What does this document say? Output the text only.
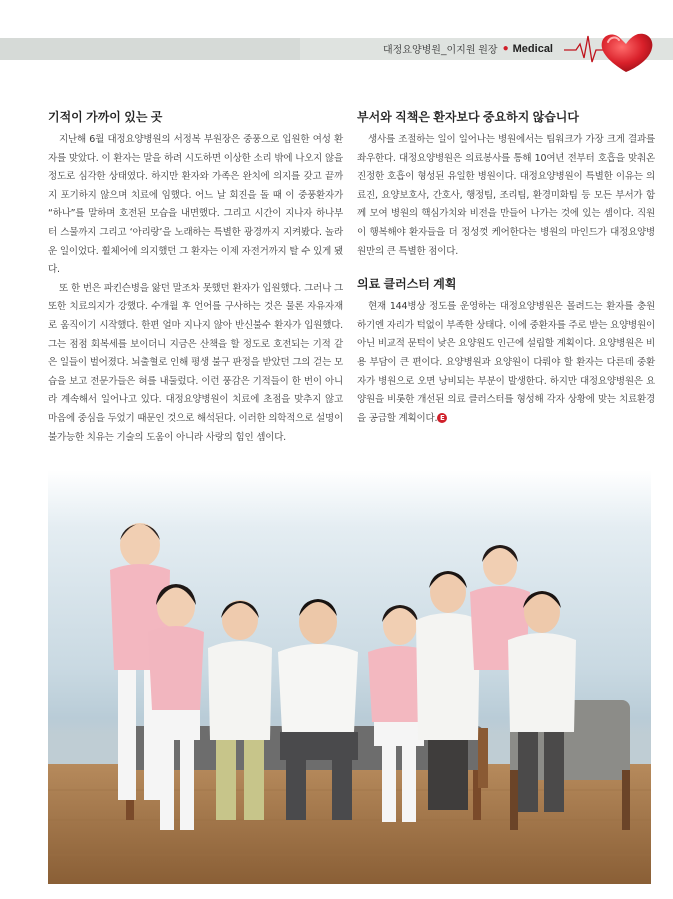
대정요양병원_이지원 원장 ● Medical
기적이 가까이 있는 곳

지난해 6월 대정요양병원의 서정복 부원장은 중풍으로 입원한 여성 환자를 맞았다. 이 환자는 말을 하려 시도하면 이상한 소리 밖에 나오지 않을 정도로 심각한 상태였다. 하지만 환자와 가족은 완치에 의지를 갖고 끝까지 포기하지 않으며 치료에 임했다. 어느 날 회진을 돌 때 이 중풍환자가 “하나”를 말하며 호전된 모습을 내면했다. 그리고 시간이 지나자 하나부터 스물까지 그리고 ‘아리랑’을 노래하는 특별한 광경까지 지켜봤다. 놀라운 일이었다. 휠체어에 의지했던 그 환자는 이제 자전거까지 탈 수 있게 됐다.

또 한 번은 파킨슨병을 앓던 말조차 못했던 환자가 입원했다. 그러나 그 또한 치료의지가 강했다. 수개월 후 언어를 구사하는 것은 물론 자유자재로 움직이기 시작했다. 한편 얼마 지나지 않아 반신불수 환자가 입원했다. 그는 점점 회복세를 보이더니 지금은 산책을 할 정도로 호전되는 기적 같은 일들이 벌어졌다. 뇌출혈로 인해 평생 불구 판정을 받았던 그의 걷는 모습을 보고 전문가들은 혀를 내둘렀다. 이런 풍감은 기적들이 한 번이 아니라 계속해서 일어나고 있다. 대정요양병원이 치료에 초점을 맞추지 않고 마음에 중심을 두었기 때문인 것으로 해석된다. 이러한 의학적으로 설명이 불가능한 치유는 기술의 도움이 아니라 사랑의 힘인 셈이다.

부서와 직책은 환자보다 중요하지 않습니다

생사를 조절하는 일이 일어나는 병원에서는 팀워크가 가장 크게 결과를 좌우한다. 대정요양병원은 의료봉사를 통해 10여년 전부터 호흡을 맞춰온 진정한 호흡이 형성된 유일한 병원이다. 대정요양병원이 특별한 이유는 의료진, 요양보호사, 간호사, 행정팀, 조리팀, 환경미화팀 등 모든 부서가 함께 모여 병원의 핵심가치와 비전을 만들어 나가는 것에 있는 셈이다. 직원이 행복해야 환자들을 더 정성껏 케어한다는 병원의 마인드가 대정요양병원만의 큰 특별한 점이다.

의료 클러스터 계획

현재 144병상 정도를 운영하는 대정요양병원은 몰려드는 환자를 충원하기엔 자리가 턱없이 부족한 상태다. 이에 중환자를 주로 받는 요양병원이 아닌 비교적 문턱이 낮은 요양원도 인근에 설립할 계획이다. 요양병원은 비용 부담이 큰 편이다. 요양병원과 요양원이 다뤄야 할 환자는 다른데 중환자가 병원으로 오면 낭비되는 부분이 발생한다. 하지만 대정요양병원은 요양원을 비롯한 개선된 의료 클러스터를 형성해 각자 상황에 맞는 치료환경을 공급할 계획이다. E
